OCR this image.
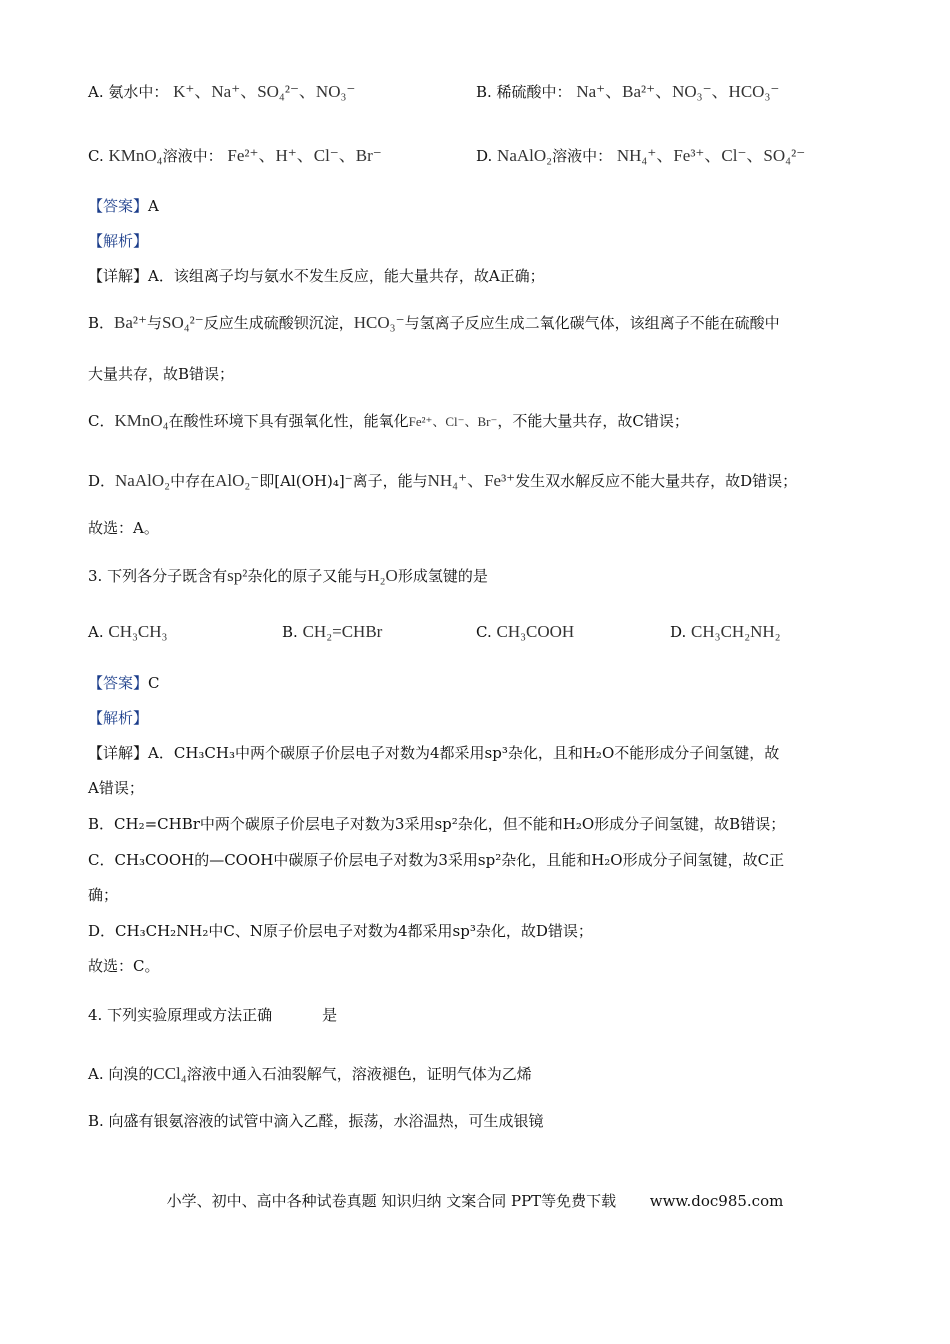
A. 氨水中： K⁺、Na⁺、SO₄²⁻、NO₃⁻	B. 稀硫酸中： Na⁺、Ba²⁺、NO₃⁻、HCO₃⁻
C. KMnO₄溶液中： Fe²⁺、H⁺、Cl⁻、Br⁻	D. NaAlO₂溶液中： NH₄⁺、Fe³⁺、Cl⁻、SO₄²⁻
【答案】A
【解析】
【详解】A．该组离子均与氨水不发生反应，能大量共存，故A正确；
B．Ba²⁺与SO₄²⁻反应生成硫酸钡沉淀，HCO₃⁻与氢离子反应生成二氧化碳气体，该组离子不能在硫酸中
大量共存，故B错误；
C．KMnO₄在酸性环境下具有强氧化性，能氧化Fe²⁺、Cl⁻、Br⁻，不能大量共存，故C错误；
D．NaAlO₂中存在AlO₂⁻即[Al(OH)₄]⁻离子，能与NH₄⁺、Fe³⁺发生双水解反应不能大量共存，故D错误；
故选：A。
3. 下列各分子既含有sp²杂化的原子又能与H₂O形成氢键的是
A. CH₃CH₃	B. CH₂=CHBr	C. CH₃COOH	D. CH₃CH₂NH₂
【答案】C
【解析】
【详解】A．CH₃CH₃中两个碳原子价层电子对数为4都采用sp³杂化，且和H₂O不能形成分子间氢键，故
A错误；
B．CH₂=CHBr中两个碳原子价层电子对数为3采用sp²杂化，但不能和H₂O形成分子间氢键，故B错误；
C．CH₃COOH的—COOH中碳原子价层电子对数为3采用sp²杂化，且能和H₂O形成分子间氢键，故C正
确；
D．CH₃CH₂NH₂中C、N原子价层电子对数为4都采用sp³杂化，故D错误；
故选：C。
4. 下列实验原理或方法正确	是
A. 向溴的CCl₄溶液中通入石油裂解气，溶液褪色，证明气体为乙烯
B. 向盛有银氨溶液的试管中滴入乙醛，振荡，水浴温热，可生成银镜
小学、初中、高中各种试卷真题 知识归纳 文案合同 PPT等免费下载 www.doc985.com
